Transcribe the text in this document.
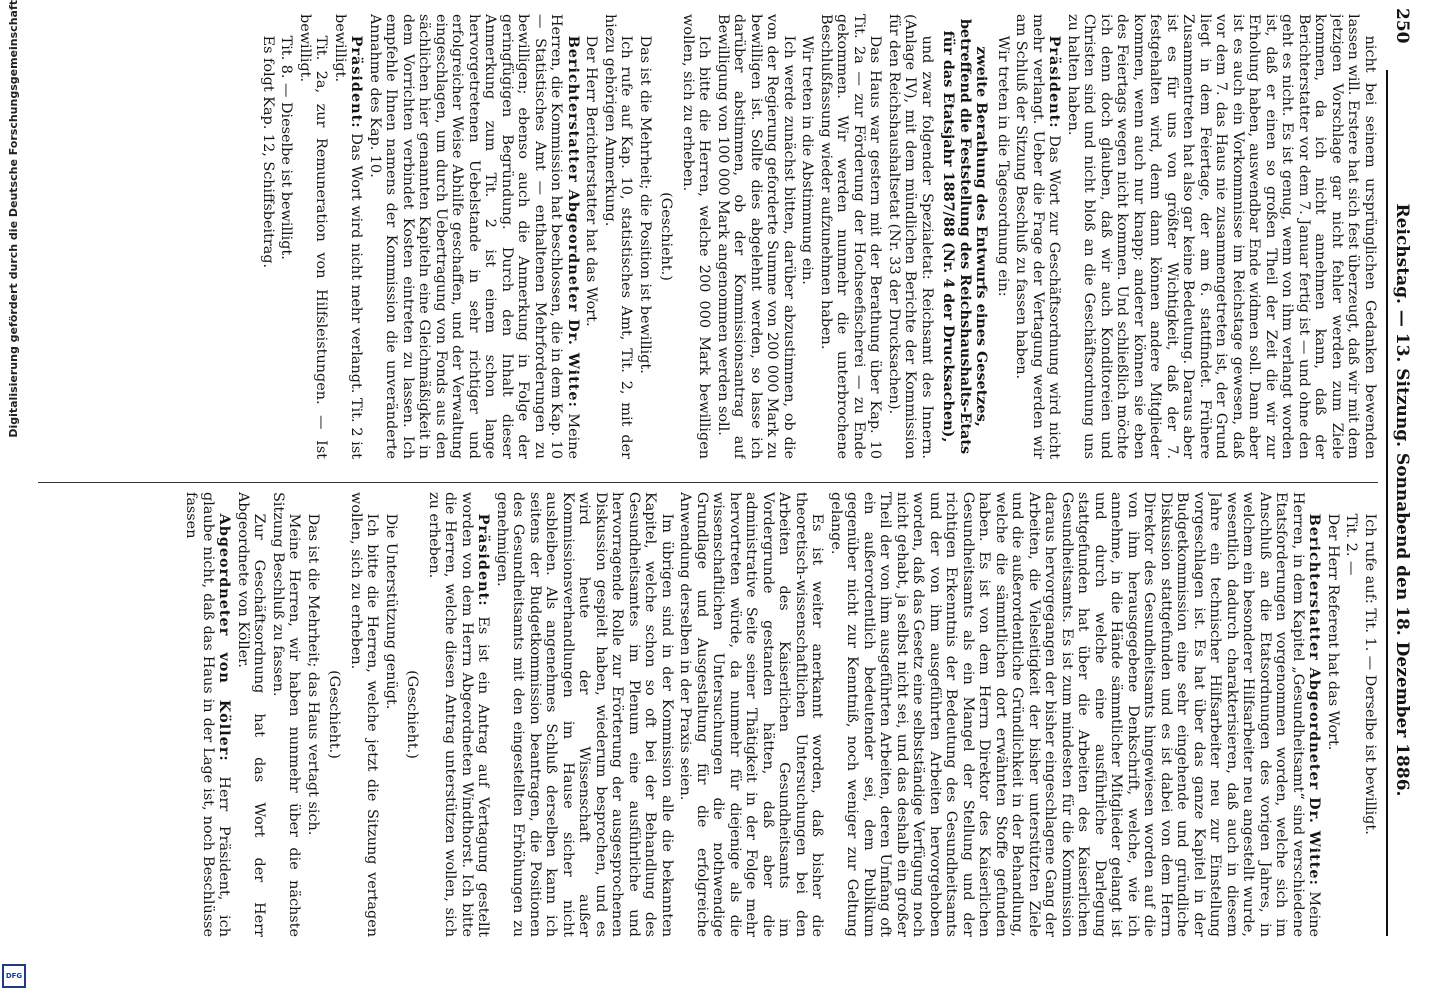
250
Reichstag. — 13. Sitzung. Sonnabend den 18. Dezember 1886.

nicht bei seinem ursprünglichen Gedanken bewenden lassen will. Erstere hat sich fest überzeugt, daß wir mit dem jetzigen Vorschlage gar nicht fehler werden zum Ziele kommen, da ich nicht annehmen kann, daß der Berichterstatter vor dem 7. Januar fertig ist — und ohne den geht es nicht. Es ist genug, wenn von ihm verlangt worden ist, daß er einen so großen Theil der Zeit die wir zur Erholung haben, auswendbar Ende widmen soll. Dann aber ist es auch ein Vorkommnisse im Reichstage gewesen, daß vor dem 7. das Haus nie zusammengetreten ist, der Grund liegt in dem Feiertage, der am 6. stattfindet. Frühere Zusammentreten hat also gar keine Bedeutung. Daraus aber ist es für uns von größter Wichtigkeit, daß der 7. festgehalten wird, denn dann können andere Mitglieder kommen, wenn auch nur knapp; anderer können sie eben des Feiertags wegen nicht kommen. Und schließlich möchte ich denn doch glauben, daß wir auch Konditoreien und Christen sind und nicht bloß an die Geschäftsordnung uns zu halten haben.

Präsident: Das Wort zur Geschäftsordnung wird nicht mehr verlangt. Ueber die Frage der Vertagung werden wir am Schluß der Sitzung Beschluß zu fassen haben.

Wir treten in die Tagesordnung ein:

zweite Berathung des Entwurfs eines Gesetzes, betreffend die Feststellung des Reichshaushalts-Etats für das Etatsjahr 1887/88 (Nr. 4 der Drucksachen),

und zwar folgender Spezialetat: Reichsamt des Innern. (Anlage IV), mit dem mündlichen Berichte der Kommission für den Reichshaushaltsetat (Nr. 33 der Drucksachen).

Das Haus war gestern mit der Berathung über Kap. 10 Tit. 2a — zur Förderung der Hochseefischerei — zu Ende gekommen. Wir werden nunmehr die unterbrochene Beschlußfassung wieder aufzunehmen haben.

Wir treten in die Abstimmung ein.

Ich werde zunächst bitten, darüber abzustimmen, ob die von der Regierung geforderte Summe von 200 000 Mark zu bewilligen ist. Sollte dies abgelehnt werden, so lasse ich darüber abstimmen, ob der Kommissionsantrag auf Bewilligung von 100 000 Mark angenommen werden soll.

Ich bitte die Herren, welche 200 000 Mark bewilligen wollen, sich zu erheben.

(Geschieht.)

Das ist die Mehrheit; die Position ist bewilligt.

Ich rufe auf Kap. 10, statistisches Amt, Tit. 2, mit der hiezu gehörigen Anmerkung.

Der Herr Berichterstatter hat das Wort.

Berichterstatter Abgeordneter Dr. Witte: Meine Herren, die Kommission hat beschlossen, die in dem Kap. 10 — Statistisches Amt — enthaltenen Mehrforderungen zu bewilligen; ebenso auch die Anmerkung in Folge der geringfügigen Begründung. Durch den Inhalt dieser Anmerkung zum Tit. 2 ist einem schon lange hervorgetretenen Uebelstande in sehr richtiger und erfolgreicher Weise Abhilfe geschaffen, und der Verwaltung eingeschlagen, um durch Uebertragung von Fonds aus den sächlichen hier genannten Kapiteln eine Gleichmäßigkeit in dem Vorrichten verbindet Kosten eintreten zu lassen. Ich empfehle Ihnen namens der Kommission die unveränderte Annahme des Kap. 10.

Präsident: Das Wort wird nicht mehr verlangt. Tit. 2 ist bewilligt.

Tit. 2a, zur Remuneration von Hilfsleistungen. — Ist bewilligt.

Tit. 8. — Dieselbe ist bewilligt.

Es folgt Kap. 12, Schiffsbeitrag.

Ich rufe auf: Tit. 1. — Derselbe ist bewilligt.

Tit. 2. —

Der Herr Referent hat das Wort.

Berichterstatter Abgeordneter Dr. Witte: Meine Herren, in dem Kapitel „Gesundheitsamt“ sind verschiedene Etatsforderungen vorgenommen worden, welche sich im Anschluß an die Etatsordnungen des vorigen Jahres, in welchem ein besonderer Hilfsarbeiter neu angestellt wurde, wesentlich dadurch charakterisieren, daß auch in diesem Jahre ein technischer Hilfsarbeiter neu zur Einstellung vorgeschlagen ist. Es hat über das ganze Kapitel in der Budgetkommission eine sehr eingehende und gründliche Diskussion stattgefunden und es ist dabei von dem Herrn Direktor des Gesundheitsamts hingewiesen worden auf die von ihm herausgegebene Denkschrift, welche, wie ich annehme, in die Hände sämmtlicher Mitglieder gelangt ist und durch welche eine ausführliche Darlegung stattgefunden hat über die Arbeiten des Kaiserlichen Gesundheitsamts. Es ist zum mindesten für die Kommission daraus hervorgegangen der bisher eingeschlagene Gang der Arbeiten, die Vielseitigkeit der bisher unterstützten Ziele und die außerordentliche Gründlichkeit in der Behandlung, welche die sämmtlichen dort erwähnten Stoffe gefunden haben. Es ist von dem Herrn Direktor des Kaiserlichen Gesundheitsamts als ein Mangel der Stellung und der richtigen Erkenntnis der Bedeutung des Gesundheitsamts und der von ihm ausgeführten Arbeiten hervorgehoben worden, daß das Gesetz eine selbstständige Verfügung noch nicht gehabt, ja selbst nicht sei, und das deshalb ein großer Theil der von ihm ausgeführten Arbeiten, deren Umfang oft ein außerordentlich bedeutender sei, dem Publikum gegenüber nicht zur Kenntniß, noch weniger zur Geltung gelange.

Es ist weiter anerkannt worden, daß bisher die theoretisch-wissenschaftlichen Untersuchungen bei den Arbeiten des Kaiserlichen Gesundheitsamts im Vordergrunde gestanden hätten, daß aber die administrative Seite seiner Thätigkeit in der Folge mehr hervortreten würde, da nunmehr für diejenige als die wissenschaftlichen Untersuchungen die nothwendige Grundlage und Ausgestaltung für die erfolgreiche Anwendung derselben in der Praxis seien.

Im übrigen sind in der Kommission alle die bekannten Kapitel, welche schon so oft bei der Behandlung des Gesundheitsamtes im Plenum eine ausführliche und hervorragende Rolle zur Erörterung der ausgesprochenen Diskussion gespielt haben, wiederum besprochen, und es wird heute der Wissenschaft außer Kommissionsverhandlungen im Hause sicher nicht ausbleiben. Als angenehmes Schluß derselben kann ich seitens der Budgetkommission beantragen, die Positionen des Gesundheitsamts mit den eingestellten Erhöhungen zu genehmigen.

Präsident: Es ist ein Antrag auf Vertagung gestellt worden von dem Herrn Abgeordneten Windthorst. Ich bitte die Herren, welche diesen Antrag unterstützen wollen, sich zu erheben.

(Geschieht.)

Die Unterstützung genügt.

Ich bitte die Herren, welche jetzt die Sitzung vertagen wollen, sich zu erheben.

(Geschieht.)

Das ist die Mehrheit; das Haus vertagt sich.

Meine Herren, wir haben nunmehr über die nächste Sitzung Beschluß zu fassen.

Zur Geschäftsordnung hat das Wort der Herr Abgeordnete von Köller.

Abgeordneter von Köller: Herr Präsident, ich glaube nicht, daß das Haus in der Lage ist, noch Beschlüsse fassen

Digitalisierung gefördert durch die Deutsche Forschungsgemeinschaft
DFG
